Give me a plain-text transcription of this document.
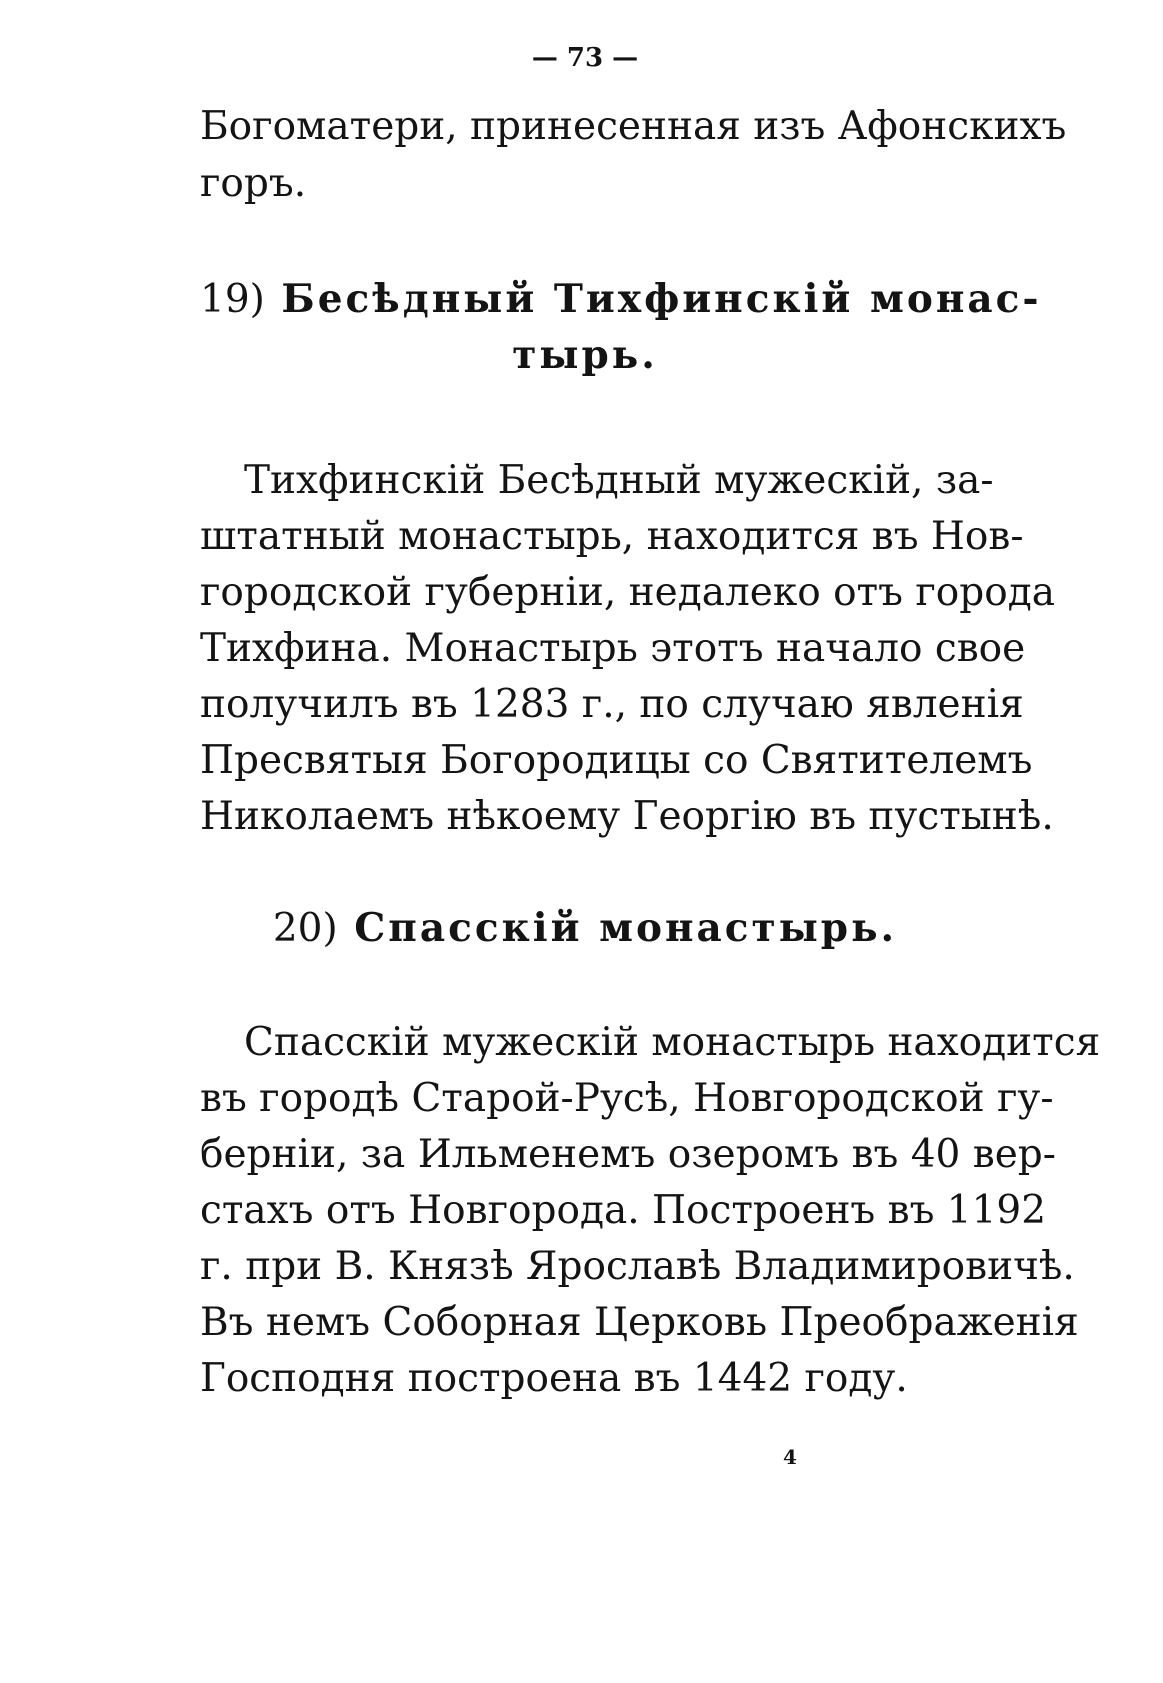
— 73 —
Богоматери, принесенная изъ Афонскихъ
горъ.
19) Бесѣдный Тихфинскій монас-
тырь.
Тихфинскій Бесѣдный мужескій, за-
штатный монастырь, находится въ Нов-
городской губерніи, недалеко отъ города
Тихфина. Монастырь этотъ начало свое
получилъ въ 1283 г., по случаю явленія
Пресвятыя Богородицы со Святителемъ
Николаемъ нѣкоему Георгію въ пустынѣ.
20) Спасскій монастырь.
Спасскій мужескій монастырь находится
въ городѣ Старой-Русѣ, Новгородской гу-
берніи, за Ильменемъ озеромъ въ 40 вер-
стахъ отъ Новгорода. Построенъ въ 1192
г. при В. Князѣ Ярославѣ Владимировичѣ.
Въ немъ Соборная Церковь Преображенія
Господня построена въ 1442 году.
4
